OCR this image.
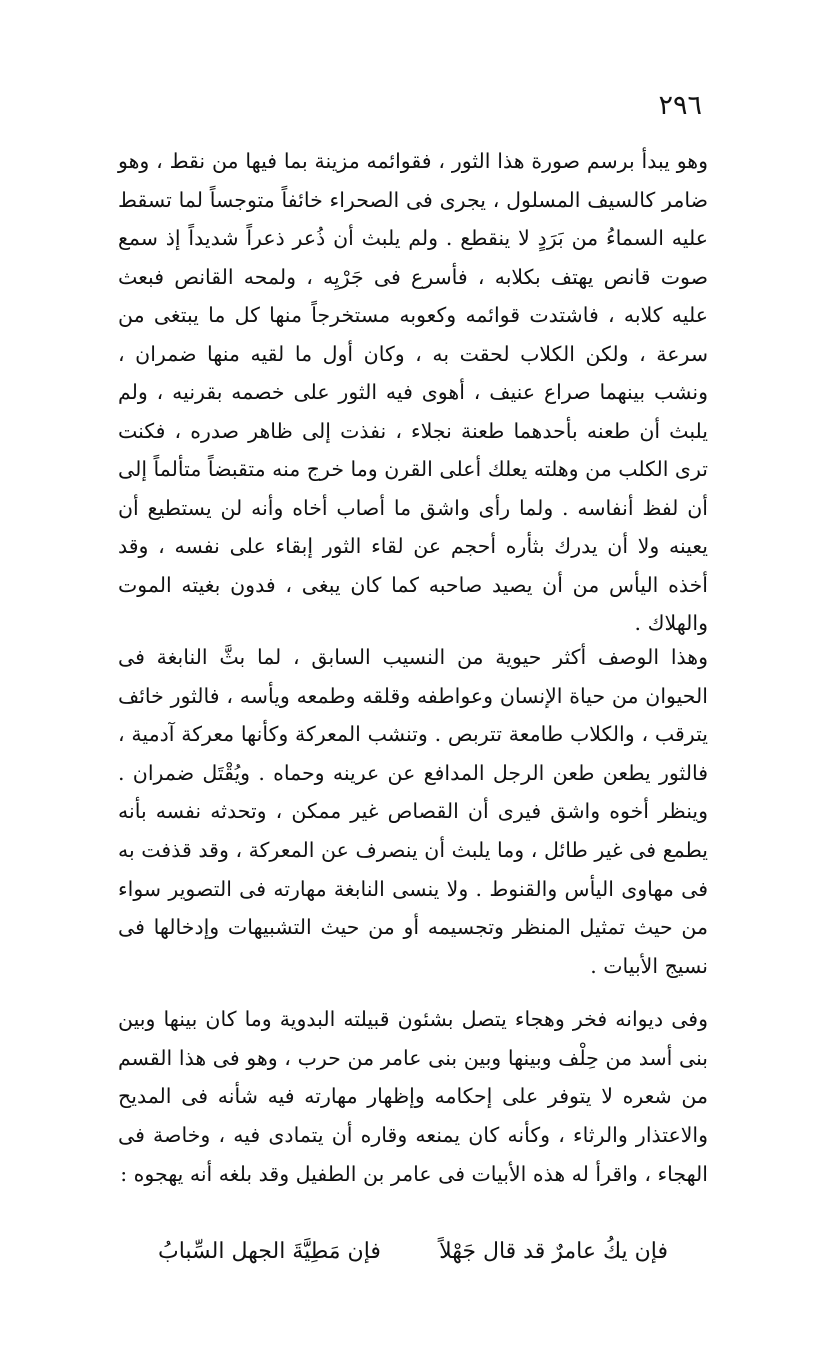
٢٩٦

وهو يبدأ برسم صورة هذا الثور ، فقوائمه مزينة بما فيها من نقط ، وهو ضامر كالسيف المسلول ، يجرى فى الصحراء خائفاً متوجساً لما تسقط عليه السماءُ من بَرَدٍ لا ينقطع . ولم يلبث أن ذُعر ذعراً شديداً إذ سمع صوت قانص يهتف بكلابه ، فأسرع فى جَرْيِه ، ولمحه القانص فبعث عليه كلابه ، فاشتدت قوائمه وكعوبه مستخرجاً منها كل ما يبتغى من سرعة ، ولكن الكلاب لحقت به ، وكان أول ما لقيه منها ضمران ، ونشب بينهما صراع عنيف ، أهوى فيه الثور على خصمه بقرنيه ، ولم يلبث أن طعنه بأحدهما طعنة نجلاء ، نفذت إلى ظاهر صدره ، فكنت ترى الكلب من وهلته يعلك أعلى القرن وما خرج منه متقبضاً متألماً إلى أن لفظ أنفاسه . ولما رأى واشق ما أصاب أخاه وأنه لن يستطيع أن يعينه ولا أن يدرك بثأره أحجم عن لقاء الثور إبقاء على نفسه ، وقد أخذه اليأس من أن يصيد صاحبه كما كان يبغى ، فدون بغيته الموت والهلاك .

وهذا الوصف أكثر حيوية من النسيب السابق ، لما بثَّ النابغة فى الحيوان من حياة الإنسان وعواطفه وقلقه وطمعه ويأسه ، فالثور خائف يترقب ، والكلاب طامعة تتربص . وتنشب المعركة وكأنها معركة آدمية ، فالثور يطعن طعن الرجل المدافع عن عرينه وحماه . ويُقْتَل ضمران . وينظر أخوه واشق فيرى أن القصاص غير ممكن ، وتحدثه نفسه بأنه يطمع فى غير طائل ، وما يلبث أن ينصرف عن المعركة ، وقد قذفت به فى مهاوى اليأس والقنوط . ولا ينسى النابغة مهارته فى التصوير سواء من حيث تمثيل المنظر وتجسيمه أو من حيث التشبيهات وإدخالها فى نسيج الأبيات .

وفى ديوانه فخر وهجاء يتصل بشئون قبيلته البدوية وما كان بينها وبين بنى أسد من حِلْف وبينها وبين بنى عامر من حرب ، وهو فى هذا القسم من شعره لا يتوفر على إحكامه وإظهار مهارته فيه شأنه فى المديح والاعتذار والرثاء ، وكأنه كان يمنعه وقاره أن يتمادى فيه ، وخاصة فى الهجاء ، واقرأ له هذه الأبيات فى عامر بن الطفيل وقد بلغه أنه يهجوه :

فإن يكُ عامرٌ قد قال جَهْلاً
فإن مَطِيَّةَ الجهل السِّبابُ
